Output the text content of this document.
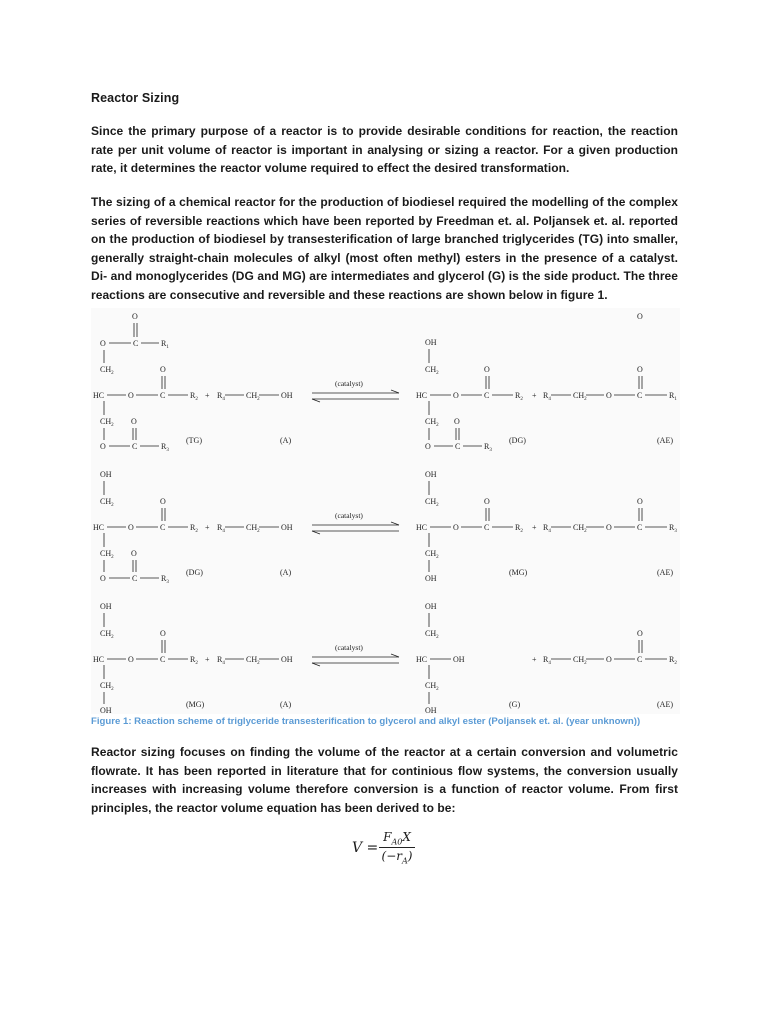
Reactor Sizing

Since the primary purpose of a reactor is to provide desirable conditions for reaction, the reaction rate per unit volume of reactor is important in analysing or sizing a reactor. For a given production rate, it determines the reactor volume required to effect the desired transformation.

The sizing of a chemical reactor for the production of biodiesel required the modelling of the complex series of reversible reactions which have been reported by Freedman et. al. Poljansek et. al. reported on the production of biodiesel by transesterification of large branched triglycerides (TG) into smaller, generally straight-chain molecules of alkyl (most often methyl) esters in the presence of a catalyst. Di- and monoglycerides (DG and MG) are intermediates and glycerol (G) is the side product. The three reactions are consecutive and reversible and these reactions are shown below in figure 1.

O
O	C	$R_1$
$CH_2$	O
HC	O	C	$R_2 + R_4$	$CH_2$	OH
$CH_2$ O
O	C	$R_3$
(TG)	(A)
(catalyst)
OH
O
$CH_2$	O	O
HC	O	C	$R_2 + R_4$	$CH_2$ O	C	$R_1$
$CH_2$ O
O	C	$R_3$
(DG)	(AE)
OH
$CH_2$	O
HC	O	C	$R_2 + R_4$	$CH_2$	OH
$CH_2$ O
O	C	$R_3$
(DG)	(A)
(catalyst)
OH
$CH_2$	O	O
HC	O	C	$R_2 + R_4$	$CH_2$ O	C	$R_3$
$CH_2$
OH
(MG)	(AE)
OH
$CH_2$	O
HC	O	C	$R_2 + R_4$	$CH_2$	OH
$CH_2$
OH
(MG)	(A)
(catalyst)
OH
$CH_2$	O
HC	OH	+ $R_4$	$CH_2$ O	C	$R_2$
$CH_2$
OH
(G)	(AE)
Figure 1: Reaction scheme of triglyceride transesterification to glycerol and alkyl ester (Poljansek et. al. (year unknown))

Reactor sizing focuses on finding the volume of the reactor at a certain conversion and volumetric flowrate. It has been reported in literature that for continious flow systems, the conversion usually increases with increasing volume therefore conversion is a function of reactor volume. From first principles, the reactor volume equation has been derived to be:

$V = \frac{F_{A0}X}{(-r_A)}$
